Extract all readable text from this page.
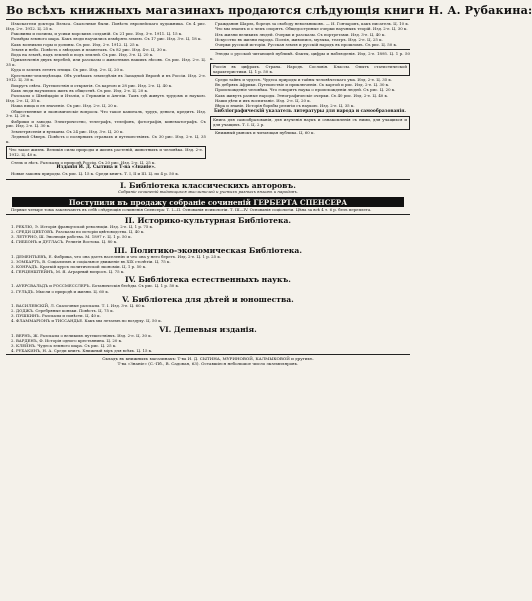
Во всѣхъ книжныхъ магазинахъ продаются слѣдующія книги Н. А. Рубакина:

Изыскатели доктора Вэльса. Сказочные были. Повѣсть европейскаго художника. Съ 4 рис. Изд. 2-е. 1912. Ц. 25 к.

Раковины и полипы, и усики морскихъ созданій. Съ 21 рис. Изд. 3-е. 1911. Ц. 15 к.

Размѣры земного шара. Какъ люди научились измѣрять землю. Съ 17 рис. Изд. 3-е. Ц. 18 к.

Какъ возникли горы и долины. Съ рис. Изд. 2-е. 1912. Ц. 25 к.

Земля и небо. Повѣсть о звѣздахъ и планетахъ. Съ 82 рис. Изд. 4-е. Ц. 30 к.

Вода на землѣ, надъ землей и подъ землей. Съ рис. Изд. 3-е. Ц. 20 к.

Приключенія двухъ веребей, или разсказы о животныхъ нашихъ лѣсовъ. Съ рис. Изд. 2-е. Ц. 35 к.

Куда и зачемъ летятъ птицы. Съ рис. Изд. 2-е. Ц. 20 к.

Крестьяне-земледѣльцы. Объ успѣхахъ земледѣлія въ Западной Европѣ и въ Россіи. Изд. 2-е. 1912. Ц. 30 к.

Вокругъ свѣта. Путешествія и открытія. Съ картою и 28 рис. Изд. 2-е. Ц. 40 к.

Какъ люди научились жить въ обществѣ. Съ рис. Изд. 2-е. Ц. 20 к.

Разсказы о Швейцаріи и Италіи, о Германіи и Англіи. Тамъ гдѣ живутъ трудомъ и наукою. Изд. 2-е. Ц. 35 к.

Наша пища и ея значеніе. Съ рис. Изд. 2-е. Ц. 20 к.

Общественные и экономическіе вопросы. Что такое капиталъ, трудъ, деньги, кредитъ. Изд. 3-е. Ц. 20 к.

Фабрики и заводы. Электричество, телеграфъ, телефонъ, фотографія, кинематографъ. Съ рис. Изд. 2-е. Ц. 30 к.

Землетрясенія и вулканы. Съ 24 рис. Изд. 3-е. Ц. 20 к.

Ледяной Сѣверъ. Повѣсть о полярныхъ странахъ и путешествіяхъ. Съ 30 рис. Изд. 2-е. Ц. 35 к.

Что такое жизнь. Великія силы природы и жизнь растеній, животныхъ и человѣка. Изд. 2-е. 1912. Ц. 40 к.

Степь и лѣсъ. Разсказы о природѣ Россіи. Съ 20 рис. Изд. 2-е. Ц. 25 к.

Изданія И. Д. Сытина и Т-ва «Знаніе».

Новые законы природы. Съ рис. Ц. 15 к. Среди книгъ. Т. I, II и III. Ц. по 4 р. 50 к.

Гражданин Шарль, борецъ за свободу невольниковъ. — И. Гончаровъ, какъ писатель. Ц. 10 к.

Что мы знаемъ и о чемъ спорятъ. Общедоступные очерки научныхъ теорій. Изд. 2-е. Ц. 30 к.

Изъ жизни великихъ людей. Очерки и разсказы. Съ портретами. Изд. 3-е. Ц. 40 к.

Искусство въ жизни народа. Поэзія, живопись, музыка, театръ. Изд. 2-е. Ц. 25 к.

Очерки русской исторіи. Русская земля и русскій народъ въ прошломъ. Съ рис. Ц. 50 к.

Этюды о русской читающей публикѣ. Факты, цифры и наблюденія. Изд. 2-е. 1895. Ц. 1 р. 50 к.

Россія въ цифрахъ. Страна. Народъ. Сословія. Классы. Опытъ статистической характеристики. Ц. 1 р. 50 к.

Среди тайнъ и чудесъ. Чудеса природы и тайны человѣческаго ума. Изд. 2-е. Ц. 35 к.

Въ дебряхъ Африки. Путешествіе и приключенія. Съ картой и рис. Изд. 2-е. Ц. 30 к.

Происхожденіе человѣка. Что говоритъ наука о происхожденіи людей. Съ рис. Ц. 20 к.

Какъ живутъ разные народы. Этнографическіе очерки. Съ 40 рис. Изд. 2-е. Ц. 40 к.

Наши дѣти и ихъ воспитаніе. Изд. 2-е. Ц. 20 к.

Вѣра и знаніе. Исторія борьбы религіи съ наукою. Изд. 2-е. Ц. 35 к.

Библіографическій указатель литературы для народа и самообразованія.

Книга для самообразованія, для изученія наукъ и ознакомленія съ ними, для учащихся и для учащихъ. Т. I. Ц. 2 р.

Книжный рынокъ и читающая публика. Ц. 60 к.

I. Библіотека классическихъ авторовъ.
Собраніе сочиненій выдающихся мыслителей и ученыхъ разныхъ вѣковъ и народовъ.
Поступили въ продажу собраніе сочиненій ГЕРБЕРТА СПЕНСЕРА

Первые четыре тома заключаютъ въ себѣ слѣдующія сочиненія Спенсера: Т. I—II. Основанія психологіи. Т. III—IV. Основанія соціологіи. Цѣна за всѣ 4 т. 6 р. безъ переплета.

II. Историко-культурная Библіотека.

1. РЕКЛЮ, Э. Исторія французской революціи. Изд. 2-е. Ц. 1 р. 75 к.

2. СРЕДИ ЦВѢТОВЪ. Разсказы по исторіи цвѣтоводства. Ц. 40 к.

3. ЛЕТУРНО, Ш. Эволюція рабства. М. 1897 г. Ц. 1 р. 50 к.

4. ГИББОНЪ и ДУГЛАСЪ. Религія Востока. Ц. 80 к.

III. Политико-экономическая Библіотека.

1. ДЕМЕНТЬЕВЪ, Е. Фабрика, что она даетъ населенію и что она у него беретъ. Изд. 2-е. Ц. 1 р. 25 к.

2. ЗОМБАРТЪ, В. Соціализмъ и соціальное движеніе въ XIX столѣтіи. Ц. 75 к.

3. КОНРАДЪ. Краткій курсъ политической экономіи. Ц. 1 р. 50 к.

4. ГЕРЦЕНШТЕЙНЪ, М. Я. Аграрный вопросъ. Ц. 75 к.

IV. Библіотека естественныхъ наукъ.

1. АУЕРСВАЛЬДЪ и РОССМЕССЛЕРЪ. Ботаническія бесѣды. Съ рис. Ц. 1 р. 50 к.

2. ГУЛЬДЪ. Мысли о природѣ и жизни. Ц. 60 к.

V. Библіотека для дѣтей и юношества.

1. ВАСИЛЕВСКІЙ, Л. Сказочные разсказы. Т. I. Изд. 3-е. Ц. 60 к.

2. ДОДЖЪ. Серебряные коньки. Повѣсть. Ц. 75 к.

3. ПУШКИНЪ. Разсказы и повѣсти. Ц. 40 к.

4. ФЛАММАРІОНЪ и ТИССАНДЬЕ. Какъ мы летаемъ по воздуху. Ц. 50 к.

VI. Дешевыя изданія.

1. ВЕРНЪ, Ж. Разсказы о великихъ путешествіяхъ. Изд. 2-е. Ц. 30 к.

2. ВАРДЕНЪ, Ф. Исторія одного крестьянина. Ц. 20 к.

3. КЛЕЙНЪ. Чудеса земного шара. Съ рис. Ц. 25 к.

4. РУБАКИНЪ, Н. А. Среди книгъ. Книжный міръ для всѣхъ. Ц. 15 к.

Складъ въ книжныхъ магазинахъ: Т-ва И. Д. СЫТИНА, МУРИНОВОЙ, КАЛМЫКОВОЙ и другихъ.
Т-ва «Знаніе» (С.-Пб., В. Садовая, 63). Оставшіеся небольшое число экземпляровъ.
